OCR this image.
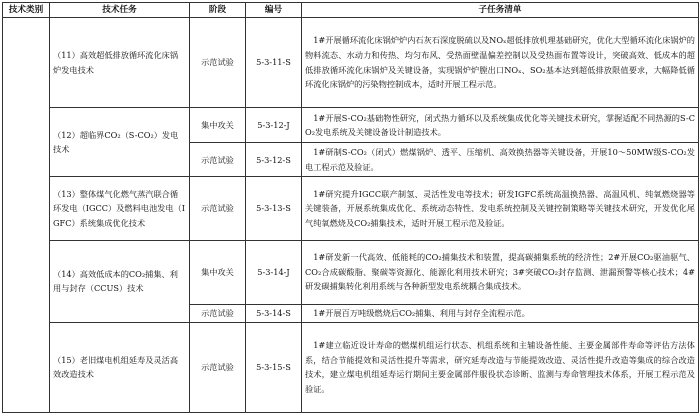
技术类别	技术任务	阶段	编号	子任务清单
	（11）高效超低排放循环流化床锅炉发电技术	示范试验	5-3-11-S	1#开展循环流化床锅炉炉内石灰石深度脱硫以及NOₓ超低排放机理基础研究，优化大型循环流化床锅炉的物料流态、水动力和传热、均匀布风、受热面壁温偏差控制以及受热面布置等设计，突破高效、低成本的超低排放循环流化床锅炉及关键设备，实现锅炉炉膛出口NOₓ、SO₂基本达到超低排放限值要求，大幅降低循环流化床锅炉的污染物控制成本，适时开展工程示范。

	（12）超临界CO₂（S-CO₂）发电技术	集中攻关	5-3-12-J	1#开展S-CO₂基础物性研究，闭式热力循环以及系统集成优化等关键技术研究，掌握适配不同热源的S-CO₂发电系统及关键设备设计制造技术。

		示范试验	5-3-12-S	1#研制S-CO₂（闭式）燃煤锅炉、透平、压缩机、高效换热器等关键设备，开展10～50MW级S-CO₂发电工程示范及验证。

	（13）整体煤气化燃气蒸汽联合循环发电（IGCC）及燃料电池发电（IGFC）系统集成优化技术	示范试验	5-3-13-S	1#研究提升IGCC联产制氢、灵活性发电等技术；研发IGFC系统高温换热器、高温风机、纯氧燃烧器等关键装备，开展系统集成优化、系统动态特性、发电系统控制及关键控制策略等关键技术研究，开发优化尾气纯氧燃烧及CO₂捕集技术，适时开展工程示范及验证。

	（14）高效低成本的CO₂捕集、利用与封存（CCUS）技术	集中攻关	5-3-14-J	1#研发新一代高效、低能耗的CO₂捕集技术和装置，提高碳捕集系统的经济性；2#开展CO₂驱油驱气、CO₂合成碳酸脂、聚碳等资源化、能源化利用技术研究；3#突破CO₂封存监测、泄漏预警等核心技术；4#研发碳捕集转化利用系统与各种新型发电系统耦合集成技术。

		示范试验	5-3-14-S	1#开展百万吨级燃烧后CO₂捕集、利用与封存全流程示范。

	（15）老旧煤电机组延寿及灵活高效改造技术	示范试验	5-3-15-S	1#建立临近设计寿命的燃煤机组运行状态、机组系统和主辅设备性能、主要金属部件寿命等评估方法体系，结合节能提效和灵活性提升等需求，研究延寿改造与节能提效改造、灵活性提升改造等集成的综合改造技术，建立煤电机组延寿运行期间主要金属部件服役状态诊断、监测与寿命管理技术体系，开展工程示范及验证。
